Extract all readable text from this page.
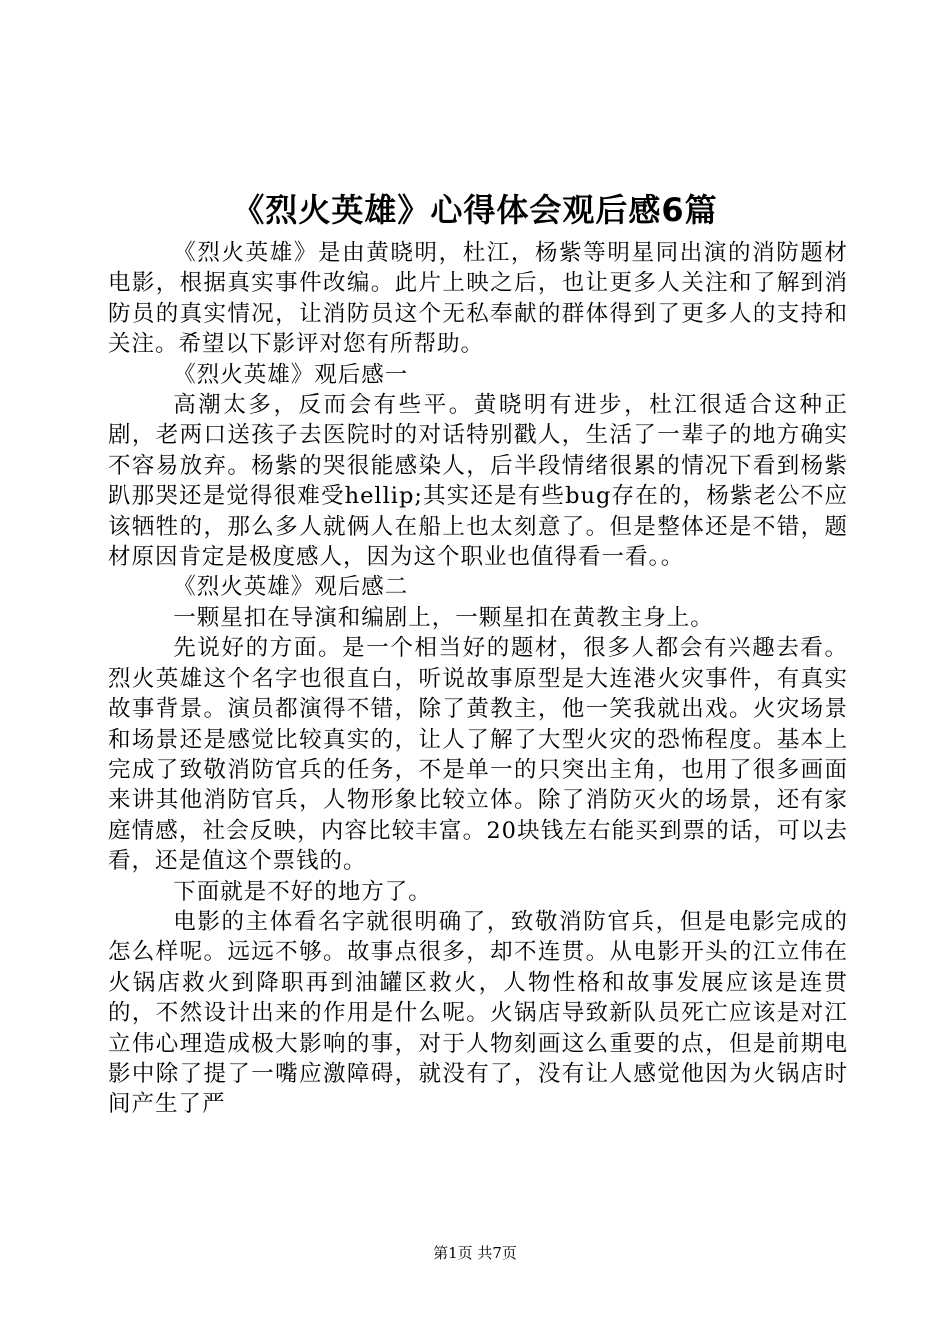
《烈火英雄》心得体会观后感6篇

《烈火英雄》是由黄晓明，杜江，杨紫等明星同出演的消防题材电影，根据真实事件改编。此片上映之后，也让更多人关注和了解到消防员的真实情况，让消防员这个无私奉献的群体得到了更多人的支持和关注。希望以下影评对您有所帮助。

《烈火英雄》观后感一

高潮太多，反而会有些平。黄晓明有进步，杜江很适合这种正剧，老两口送孩子去医院时的对话特别戳人，生活了一辈子的地方确实不容易放弃。杨紫的哭很能感染人，后半段情绪很累的情况下看到杨紫趴那哭还是觉得很难受hellip;其实还是有些bug存在的，杨紫老公不应该牺牲的，那么多人就俩人在船上也太刻意了。但是整体还是不错，题材原因肯定是极度感人，因为这个职业也值得看一看。。

《烈火英雄》观后感二

一颗星扣在导演和编剧上，一颗星扣在黄教主身上。

先说好的方面。是一个相当好的题材，很多人都会有兴趣去看。烈火英雄这个名字也很直白，听说故事原型是大连港火灾事件，有真实故事背景。演员都演得不错，除了黄教主，他一笑我就出戏。火灾场景和场景还是感觉比较真实的，让人了解了大型火灾的恐怖程度。基本上完成了致敬消防官兵的任务，不是单一的只突出主角，也用了很多画面来讲其他消防官兵，人物形象比较立体。除了消防灭火的场景，还有家庭情感，社会反映，内容比较丰富。20块钱左右能买到票的话，可以去看，还是值这个票钱的。

下面就是不好的地方了。

电影的主体看名字就很明确了，致敬消防官兵，但是电影完成的怎么样呢。远远不够。故事点很多，却不连贯。从电影开头的江立伟在火锅店救火到降职再到油罐区救火，人物性格和故事发展应该是连贯的，不然设计出来的作用是什么呢。火锅店导致新队员死亡应该是对江立伟心理造成极大影响的事，对于人物刻画这么重要的点，但是前期电影中除了提了一嘴应激障碍，就没有了，没有让人感觉他因为火锅店时间产生了严

第1页 共7页
